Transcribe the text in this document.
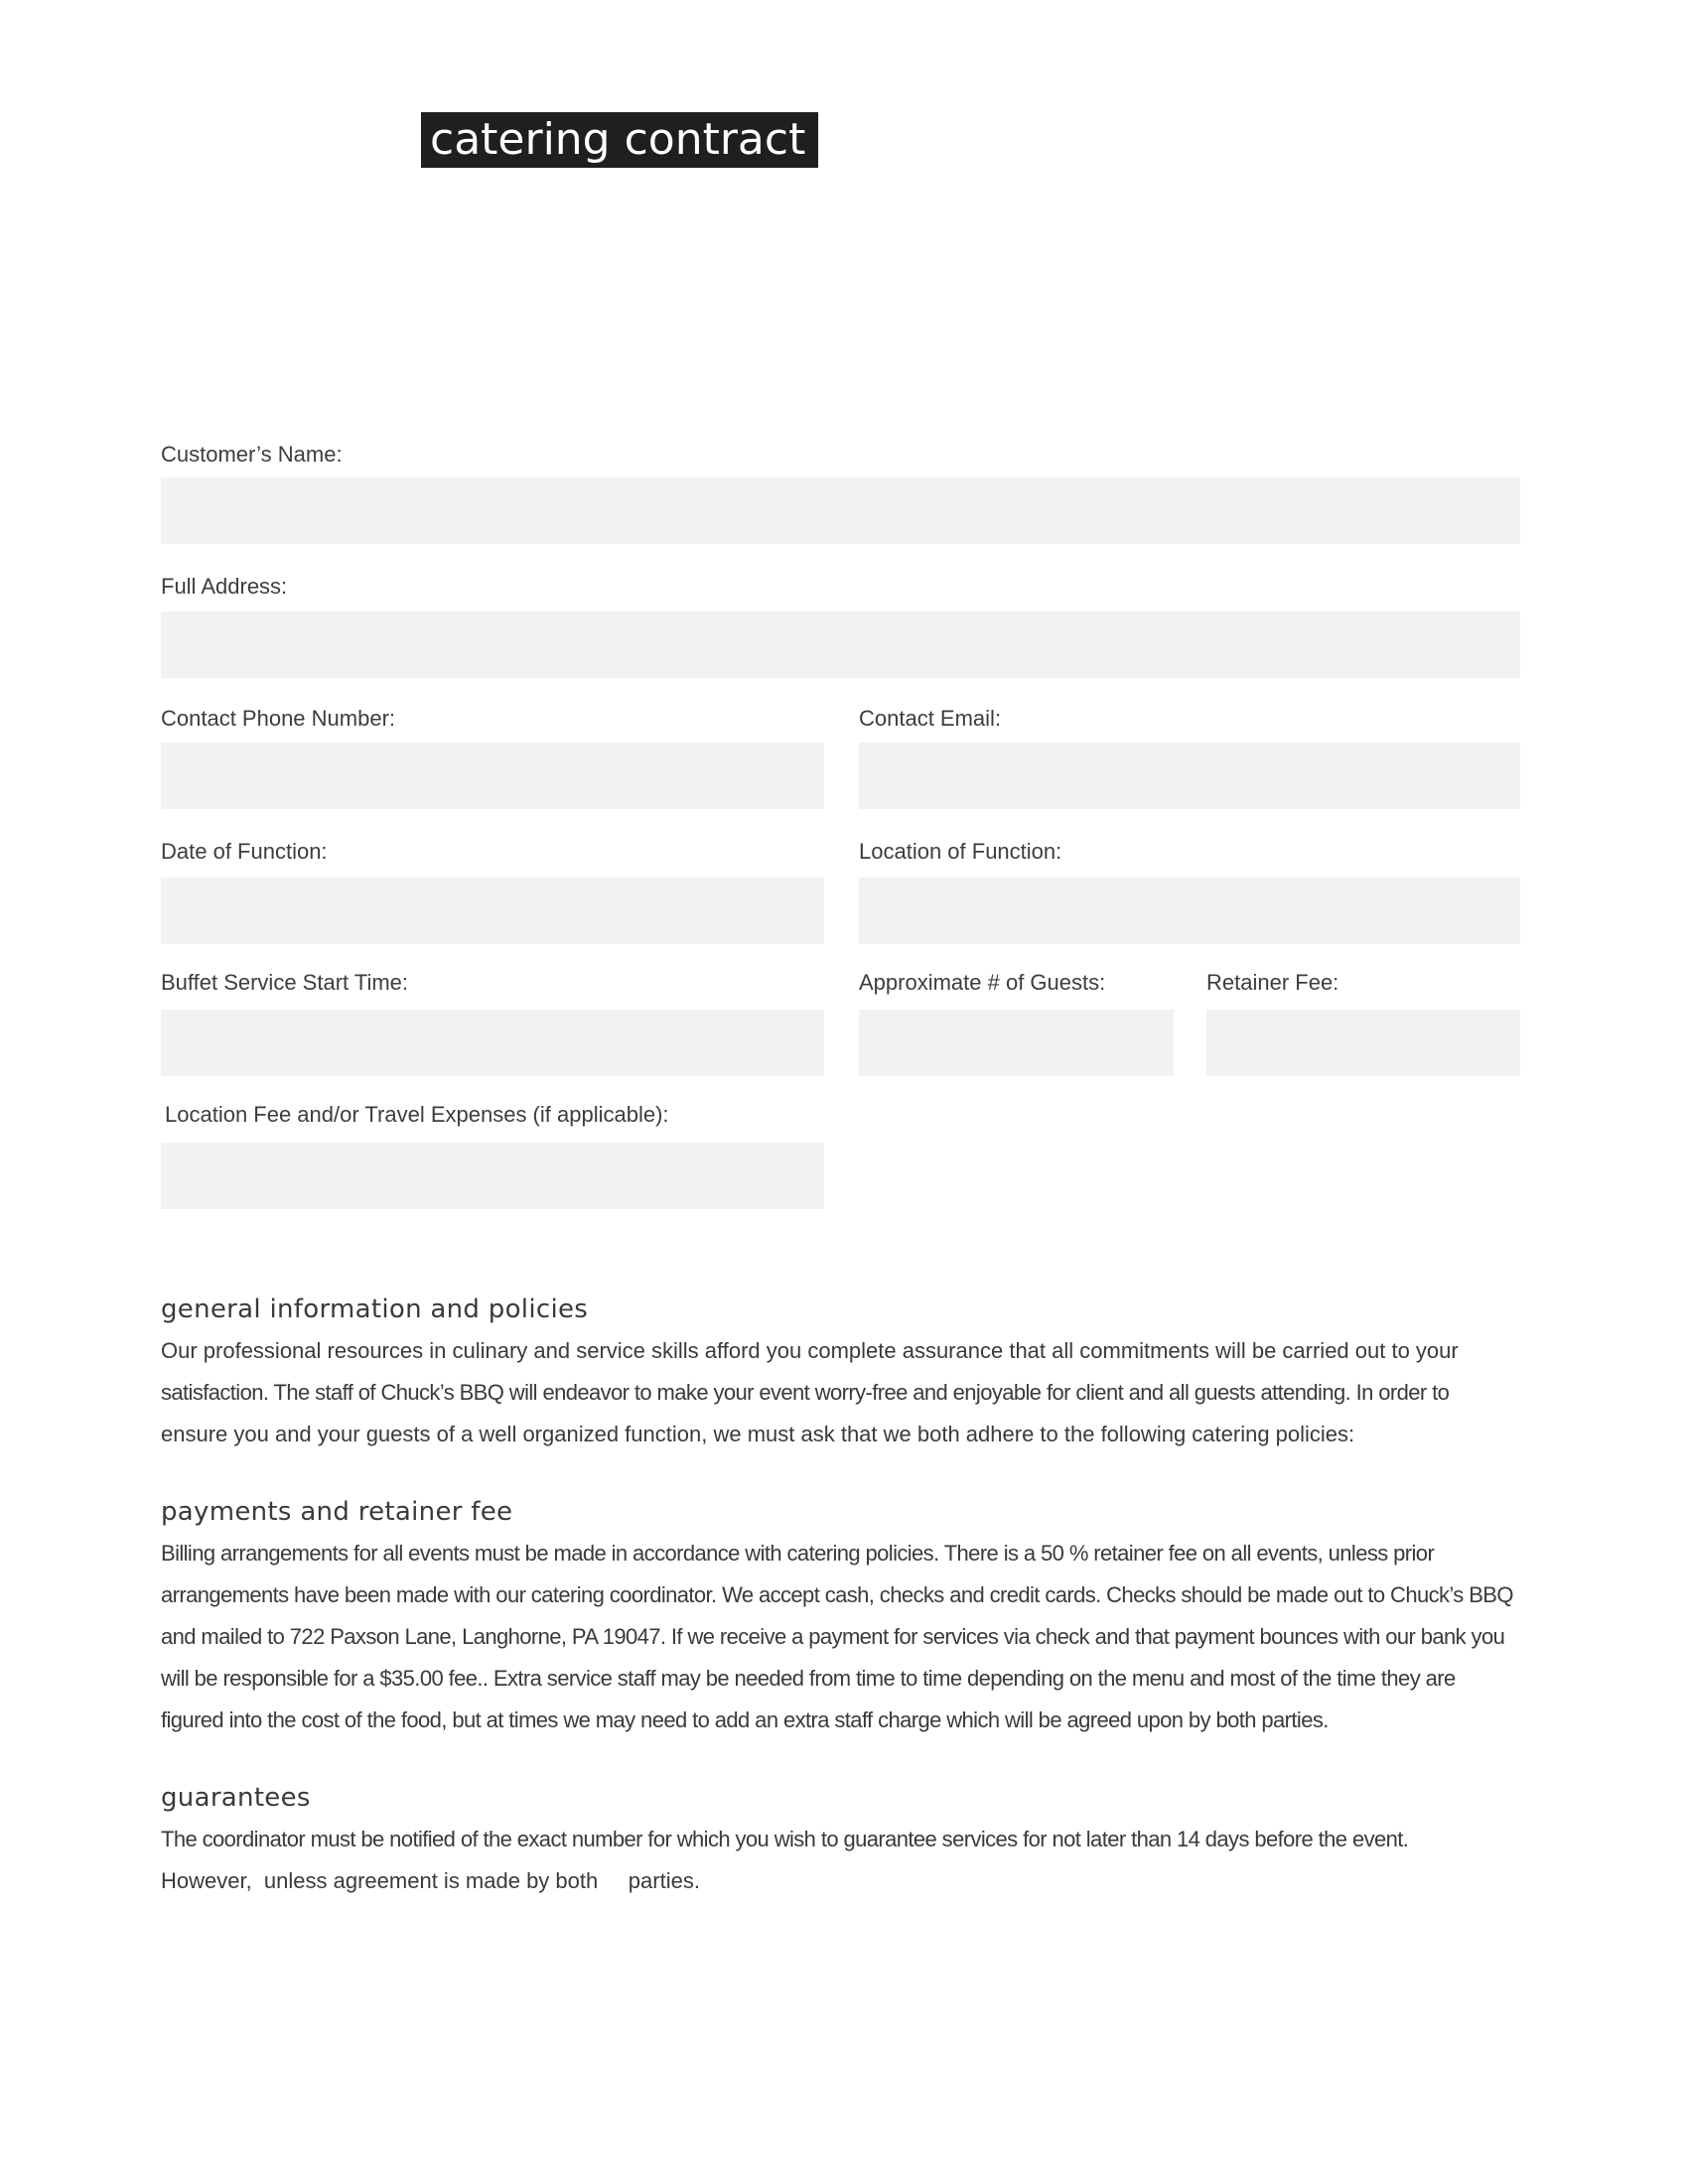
catering contract
Customer’s Name:
Full Address:
Contact Phone Number:	Contact Email:
Date of Function:	Location of Function:
Buffet Service Start Time:	Approximate # of Guests:	Retainer Fee:
Location Fee and/or Travel Expenses (if applicable):
general information and policies

Our professional resources in culinary and service skills afford you complete assurance that all commitments will be carried out to your
satisfaction. The staff of Chuck’s BBQ will endeavor to make your event worry-free and enjoyable for client and all guests attending. In order to
ensure you and your guests of a well organized function, we must ask that we both adhere to the following catering policies:

payments and retainer fee

Billing arrangements for all events must be made in accordance with catering policies. There is a 50 % retainer fee on all events, unless prior
arrangements have been made with our catering coordinator. We accept cash, checks and credit cards. Checks should be made out to Chuck’s BBQ
and mailed to 722 Paxson Lane, Langhorne, PA 19047. If we receive a payment for services via check and that payment bounces with our bank you
will be responsible for a $35.00 fee.. Extra service staff may be needed from time to time depending on the menu and most of the time they are
figured into the cost of the food, but at times we may need to add an extra staff charge which will be agreed upon by both parties.

guarantees

The coordinator must be notified of the exact number for which you wish to guarantee services for not later than 14 days before the event.
However,  unless agreement is made by both     parties.
